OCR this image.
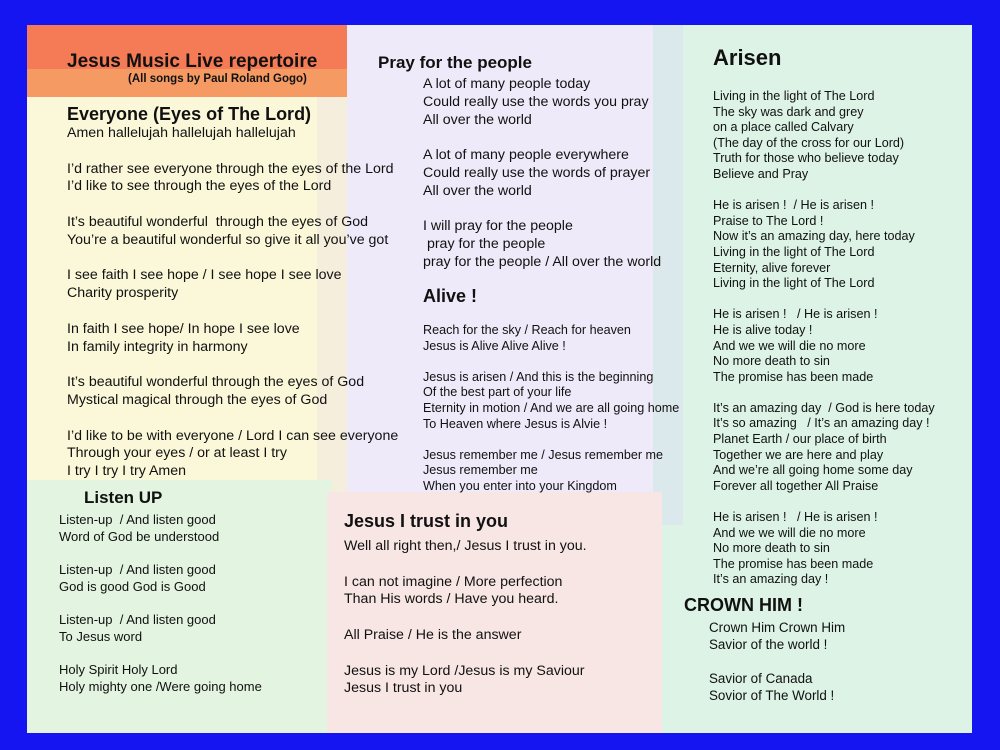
Jesus Music Live repertoire
(All songs by Paul Roland Gogo)
Everyone (Eyes of The Lord)
Amen hallelujah hallelujah hallelujah

I’d rather see everyone through the eyes of the Lord
I’d like to see through the eyes of the Lord

It’s beautiful wonderful  through the eyes of God
You’re a beautiful wonderful so give it all you’ve got

I see faith I see hope / I see hope I see love
Charity prosperity

In faith I see hope/ In hope I see love
In family integrity in harmony

It’s beautiful wonderful through the eyes of God
Mystical magical through the eyes of God

I’d like to be with everyone / Lord I can see everyone
Through your eyes / or at least I try
I try I try I try Amen
Pray for the people
A lot of many people today
Could really use the words you pray
All over the world

A lot of many people everywhere
Could really use the words of prayer
All over the world

I will pray for the people
pray for the people
pray for the people / All over the world
Alive !
Reach for the sky / Reach for heaven
Jesus is Alive Alive Alive !

Jesus is arisen / And this is the beginning
Of the best part of your life
Eternity in motion / And we are all going home
To Heaven where Jesus is Alvie !

Jesus remember me / Jesus remember me
Jesus remember me
When you enter into your Kingdom
Arisen
Living in the light of The Lord
The sky was dark and grey
on a place called Calvary
(The day of the cross for our Lord)
Truth for those who believe today
Believe and Pray

He is arisen !  / He is arisen !
Praise to The Lord !
Now it’s an amazing day, here today
Living in the light of The Lord
Eternity, alive forever
Living in the light of The Lord

He is arisen !   / He is arisen !
He is alive today !
And we we will die no more
No more death to sin
The promise has been made

It’s an amazing day  / God is here today
It’s so amazing   / It’s an amazing day !
Planet Earth / our place of birth
Together we are here and play
And we’re all going home some day
Forever all together All Praise

He is arisen !   / He is arisen !
And we we will die no more
No more death to sin
The promise has been made
It’s an amazing day !
Listen UP
Listen-up  / And listen good
Word of God be understood

Listen-up  / And listen good
God is good God is Good

Listen-up  / And listen good
To Jesus word

Holy Spirit Holy Lord
Holy mighty one /Were going home
Jesus I trust in you
Well all right then,/ Jesus I trust in you.

I can not imagine / More perfection
Than His words / Have you heard.

All Praise / He is the answer

Jesus is my Lord /Jesus is my Saviour
Jesus I trust in you
CROWN HIM !
Crown Him Crown Him
Savior of the world !

Savior of Canada
Sovior of The World !
